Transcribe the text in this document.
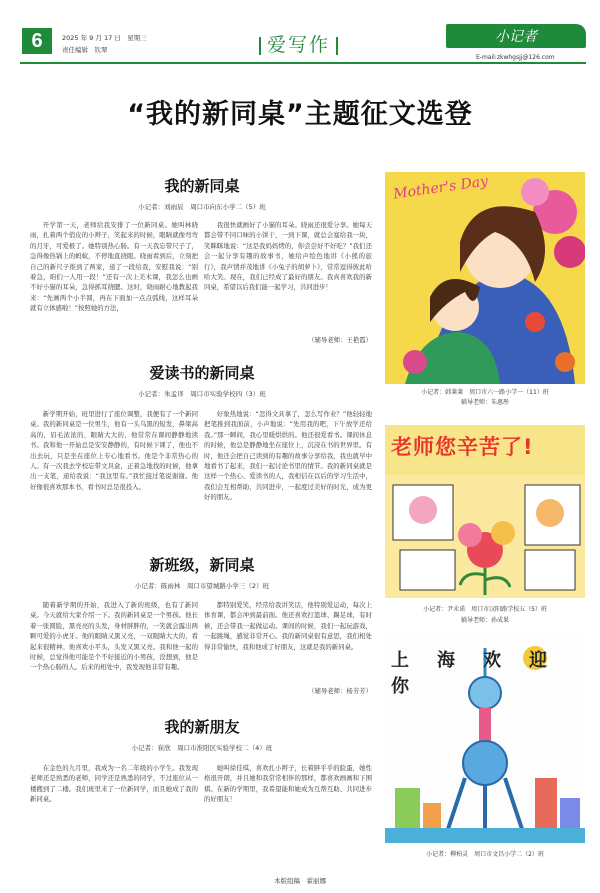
6	2025 年 9 月 17 日　星期三
责任编辑　钦翠	爱写作	小记者
E-mail:zkwhgsjj@126.com
“我的新同桌”主题征文选登
我的新同桌
小记者：刘雨辰　周口市向东小学二（5）班

开学第一天，老师给我安排了一位新同桌。她叫林晓雨，扎着两个俏皮的小辫子，笑起来的时候，眼睛就像弯弯的月牙，可爱极了。她特别热心肠。有一天我忘带尺子了，急得像热锅上的蚂蚁，不停地直挠眼。晓雨看到后，立刻把自己的新尺子推到了两家，递了一段给我，安慰我说：“别着急，咱们一人用一段！”还有一次上美术课，我怎么也画不好小猫的耳朵，急得抓耳挠腮。这时，晓雨耐心地教起我来：“先画两个小半圆，再在下面加一点点弧线，这样耳朵就有立体感啦！”按照她的方法，

我很快就画好了小猫的耳朵。晓雨还很爱分享。她每天都会带不同口味的小饼干，一到下课，就总会塞给我一块，笑眯眯地说：“这是我妈妈烤的，你尝尝好不好吃？”我们还会一起分享有趣的故事书，她给声绘色地讲《小熊的旅行》，我声情并茂地讲《小兔子的胡萝卜》，常常逗得彼此哈哈大笑。现在，我们已经成了最好的朋友。我真喜欢我的新同桌，希望以后我们能一起学习，共同进步！

（辅导老师：王艳霞）
爱读书的新同桌
小记者：朱孟译　周口市实验学校四（3）班

新学期开始，班里进行了座位调整，我便有了一个新同桌。我的新同桌是一位男生，他有一头乌黑的短发，鼻梁高高的，眉毛浓浓的，眼睛大大的，他常常在课间静静地读书。我和他一开始总是安安静静的，有时候下课了，他也不出去玩，只是坐在座位上专心地看书。他是个非常热心的人。有一次我去学校忘带文具盒，正着急地找的时候，他拿出一支笔，递给我说：“我这里有。”我忙接过笔说谢谢。他好像很喜欢那本书，看书时总是很投入。

好象热地说：“怎得文具拿了，怎么写作业？”他轻轻地把笔推到我面前，小声地说：“先用我的吧，下午放学还给我。”那一瞬间，我心里暖烘烘的。他还很爱看书。课间休息的时候，他总是静静地坐在座位上，沉浸在书的世界里。有时，他还会把自己读到的有趣的故事分享给我，我也就早中地看书了起来，我们一起讨论书里的情节。我的新同桌就是这样一个热心、爱读书的人，我相信在以后的学习生活中，我们会互相帮助，共同进步，一起度过美好的时光，成为更好的朋友。

新班级，新同桌
小记者：陈雨林　周口市望城路小学三（2）班

随着新学期的开始，我进入了新的班级，也有了新同桌。今天就给大家介绍一下。我的新同桌是一个男孩。他长着一张圆脸，黑亮亮的头发，身材胖胖的，一笑就会露出两颗可爱的小虎牙。他的眼睛又黑又亮，一双眼睛大大的，看起来很精神。他喜欢小平头，头发又黑又亮。我和他一起的时候，总觉得他可能是个不好接近的小男孩，没想到，他是一个热心肠的人。后来的相处中，我发现他非常有趣。

都特别爱笑，经常给我讲笑话，他特别爱运动，每次上体育课，都会冲到最前面。他还喜欢打篮球、踢足球，有时候，还会带我一起做运动。课间的时候，我们一起玩游戏，一起跳绳，感觉非常开心。我的新同桌很有意思，我们相处得非常愉快，我和他成了好朋友，这就是我的新同桌。

（辅导老师：杨芳芳）
我的新朋友
小记者：崔欣　周口市淮阳区实验学校二（4）班

在金色的九月里，我成为一名二年级的小学生。我发现老师还是熟悉的老师，同学还是熟悉的同学，不过座位从一楼搬到了二楼。我们班里来了一位新同学，而且她成了我的新同桌。

她叫徐佳琪，喜欢扎小辫子，长着胖乎乎的脸蛋，她性格很开朗，并且她和我常常相伴的那样，都喜欢画画和下围棋。在新的学期里，我希望能和她成为互帮互助、共同进步的好朋友！

Mother's Day
小记者：韩莱莱　周口市六一路小学一（11）班
辅导老师：朱惠彤
老师您辛苦了!
小记者：尹禾诺　周口市汉阳路学校五（5）班
辅导老师：孙成果
上海欢迎你
小记者：柳柏灵　周口市文昌小学二（2）班
本版组稿　翟丽娜
